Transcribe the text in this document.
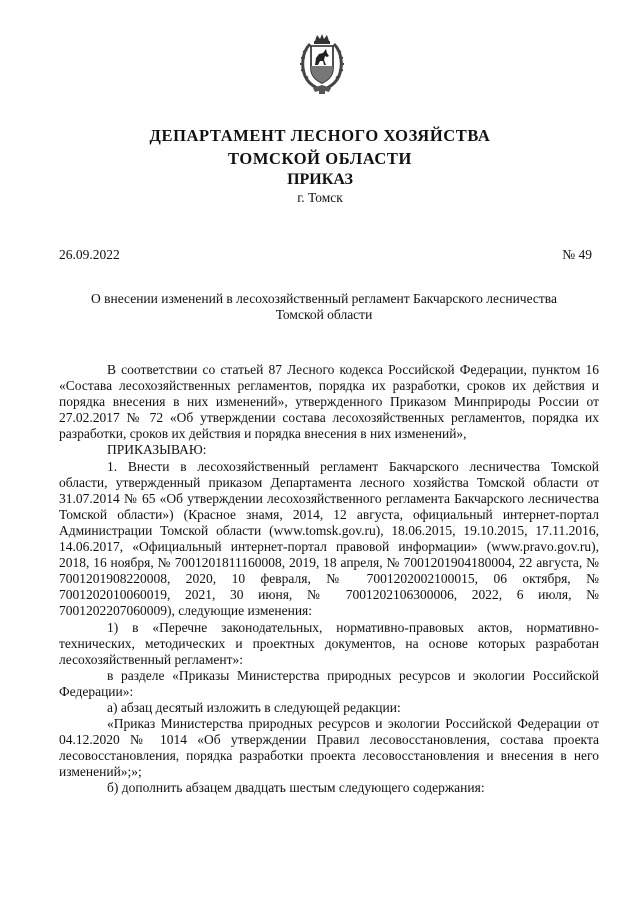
ДЕПАРТАМЕНТ ЛЕСНОГО ХОЗЯЙСТВА
ТОМСКОЙ ОБЛАСТИ
ПРИКАЗ
г. Томск
26.09.2022	№ 49
О внесении изменений в лесохозяйственный регламент Бакчарского лесничества
Томской области

В соответствии со статьей 87 Лесного кодекса Российской Федерации, пунктом 16 «Состава лесохозяйственных регламентов, порядка их разработки, сроков их действия и порядка внесения в них изменений», утвержденного Приказом Минприроды России от 27.02.2017 № 72 «Об утверждении состава лесохозяйственных регламентов, порядка их разработки, сроков их действия и порядка внесения в них изменений»,

ПРИКАЗЫВАЮ:

1. Внести в лесохозяйственный регламент Бакчарского лесничества Томской области, утвержденный приказом Департамента лесного хозяйства Томской области от 31.07.2014 № 65 «Об утверждении лесохозяйственного регламента Бакчарского лесничества Томской области») (Красное знамя, 2014, 12 августа, официальный интернет-портал Администрации Томской области (www.tomsk.gov.ru), 18.06.2015, 19.10.2015, 17.11.2016, 14.06.2017, «Официальный интернет-портал правовой информации» (www.pravo.gov.ru), 2018, 16 ноября, № 7001201811160008, 2019, 18 апреля, № 7001201904180004, 22 августа, № 7001201908220008, 2020, 10 февраля, № 7001202002100015, 06 октября, № 7001202010060019, 2021, 30 июня, № 7001202106300006, 2022, 6 июля, № 7001202207060009), следующие изменения:

1) в «Перечне законодательных, нормативно-правовых актов, нормативно-технических, методических и проектных документов, на основе которых разработан лесохозяйственный регламент»:

в разделе «Приказы Министерства природных ресурсов и экологии Российской Федерации»:

а) абзац десятый изложить в следующей редакции:

«Приказ Министерства природных ресурсов и экологии Российской Федерации от 04.12.2020 № 1014 «Об утверждении Правил лесовосстановления, состава проекта лесовосстановления, порядка разработки проекта лесовосстановления и внесения в него изменений»;»;

б) дополнить абзацем двадцать шестым следующего содержания:
